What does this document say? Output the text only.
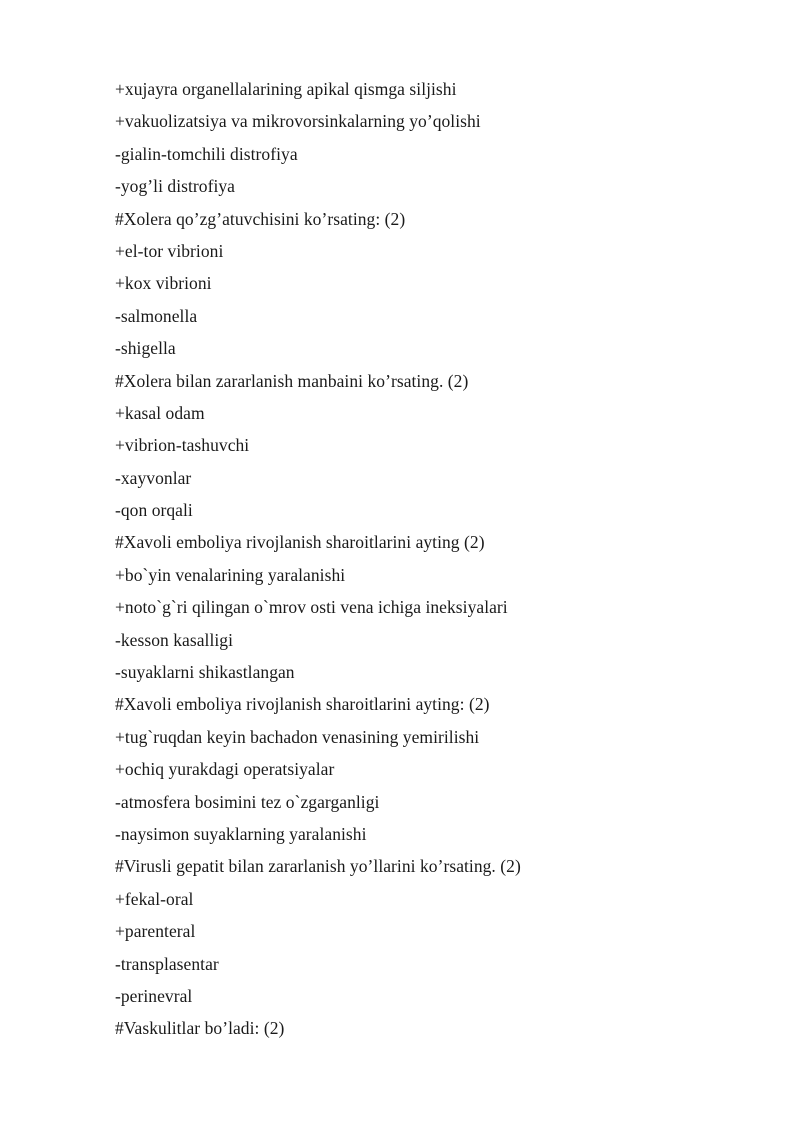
+xujayra organellalarining apikal qismga siljishi
+vakuolizatsiya va mikrovorsinkalarning yo’qolishi
-gialin-tomchili distrofiya
-yog’li distrofiya
#Xolera qo’zg’atuvchisini ko’rsating: (2)
+el-tor vibrioni
+kox vibrioni
-salmonella
-shigella
#Xolera bilan zararlanish manbaini ko’rsating. (2)
+kasal odam
+vibrion-tashuvchi
-xayvonlar
-qon orqali
#Xavoli emboliya rivojlanish sharoitlarini ayting (2)
+bo`yin venalarining yaralanishi
+noto`g`ri qilingan o`mrov osti vena ichiga ineksiyalari
-kesson kasalligi
-suyaklarni shikastlangan
#Xavoli emboliya rivojlanish sharoitlarini ayting: (2)
+tug`ruqdan keyin bachadon venasining yemirilishi
+ochiq yurakdagi operatsiyalar
-atmosfera bosimini tez o`zgarganligi
-naysimon suyaklarning yaralanishi
#Virusli gepatit bilan zararlanish yo’llarini ko’rsating. (2)
+fekal-oral
+parenteral
-transplasentar
-perinevral
#Vaskulitlar bo’ladi: (2)
